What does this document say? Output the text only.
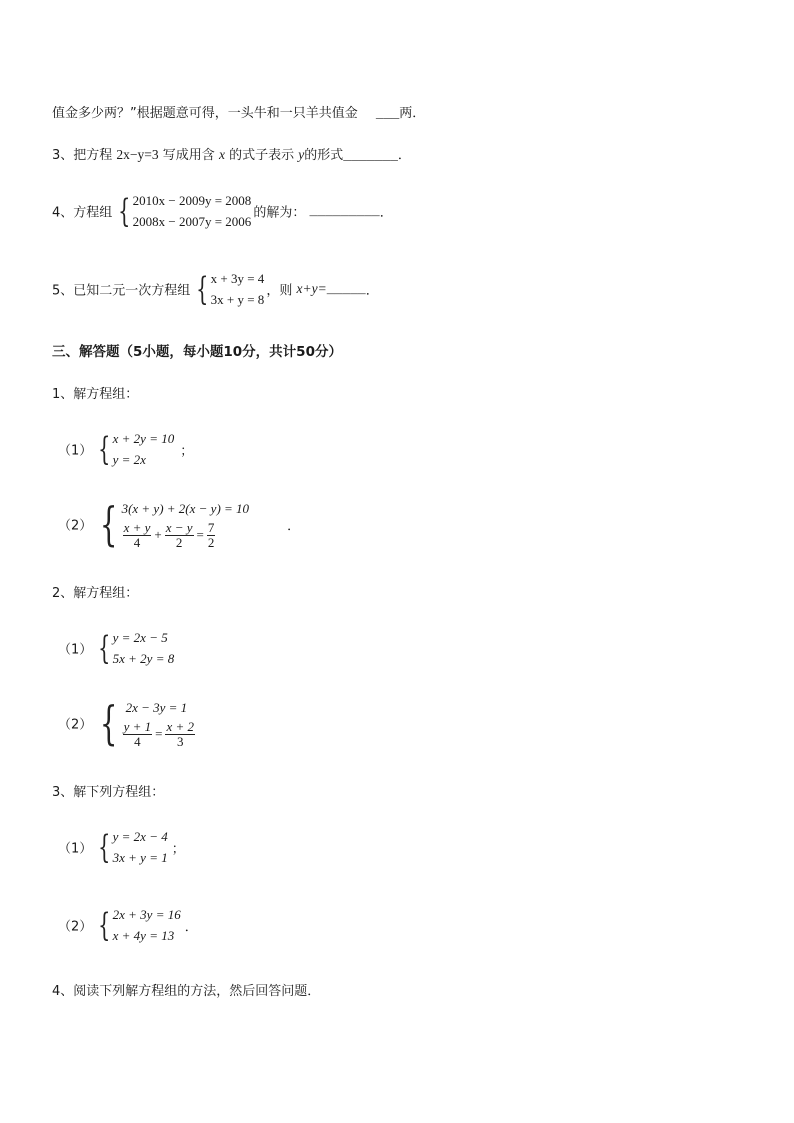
值金多少两？”根据题意可得，一头牛和一只羊共值金 ___两．
3、把方程 2x−y=3 写成用含 x 的式子表示 y的形式_______．
4、方程组 { 2010x − 2009y = 2008
2008x − 2007y = 2006
的解为： _________．
5、已知二元一次方程组 { x + 3y = 4
3x + y = 8
，则 x+y=_____．
三、解答题（5小题，每小题10分，共计50分）
1、解方程组：
（1） { x + 2y = 10
y = 2x
；
（2） { 3(x + y) + 2(x − y) = 10
$\frac{x + y}{4} + \frac{x - y}{2} = \frac{7}{2}$	．
2、解方程组：
（1） { y = 2x − 5
5x + 2y = 8
（2） { 2x − 3y = 1
$\frac{y + 1}{4} = \frac{x + 2}{3}$
3、解下列方程组：
（1） { y = 2x − 4
3x + y = 1
；
（2） { 2x + 3y = 16
x + 4y = 13
．
4、阅读下列解方程组的方法，然后回答问题．
